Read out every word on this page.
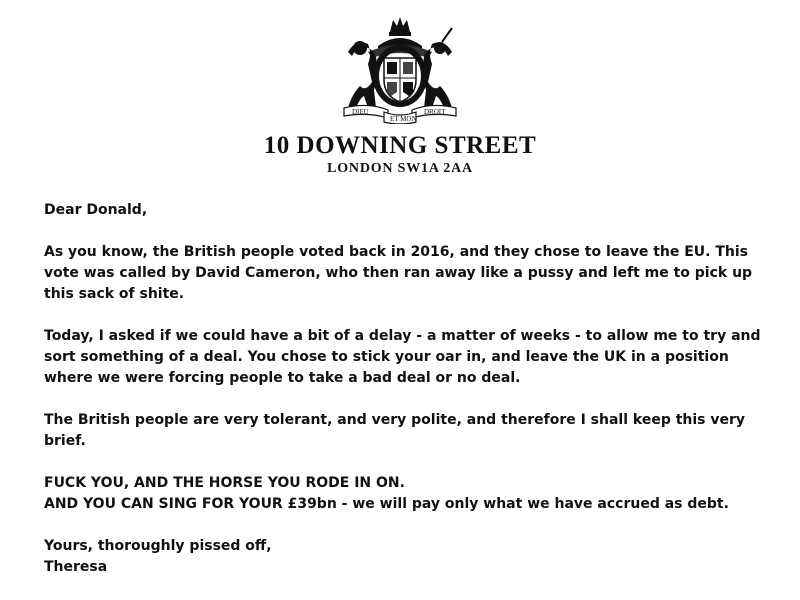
DIEU
ET MON
DROIT
10 DOWNING STREET
LONDON SW1A 2AA

Dear Donald,

As you know, the British people voted back in 2016, and they chose to leave the EU. This
vote was called by David Cameron, who then ran away like a pussy and left me to pick up
this sack of shite.

Today, I asked if we could have a bit of a delay - a matter of weeks - to allow me to try and
sort something of a deal. You chose to stick your oar in, and leave the UK in a position
where we were forcing people to take a bad deal or no deal.

The British people are very tolerant, and very polite, and therefore I shall keep this very
brief.

FUCK YOU, AND THE HORSE YOU RODE IN ON.
AND YOU CAN SING FOR YOUR £39bn - we will pay only what we have accrued as debt.

Yours, thoroughly pissed off,
Theresa
